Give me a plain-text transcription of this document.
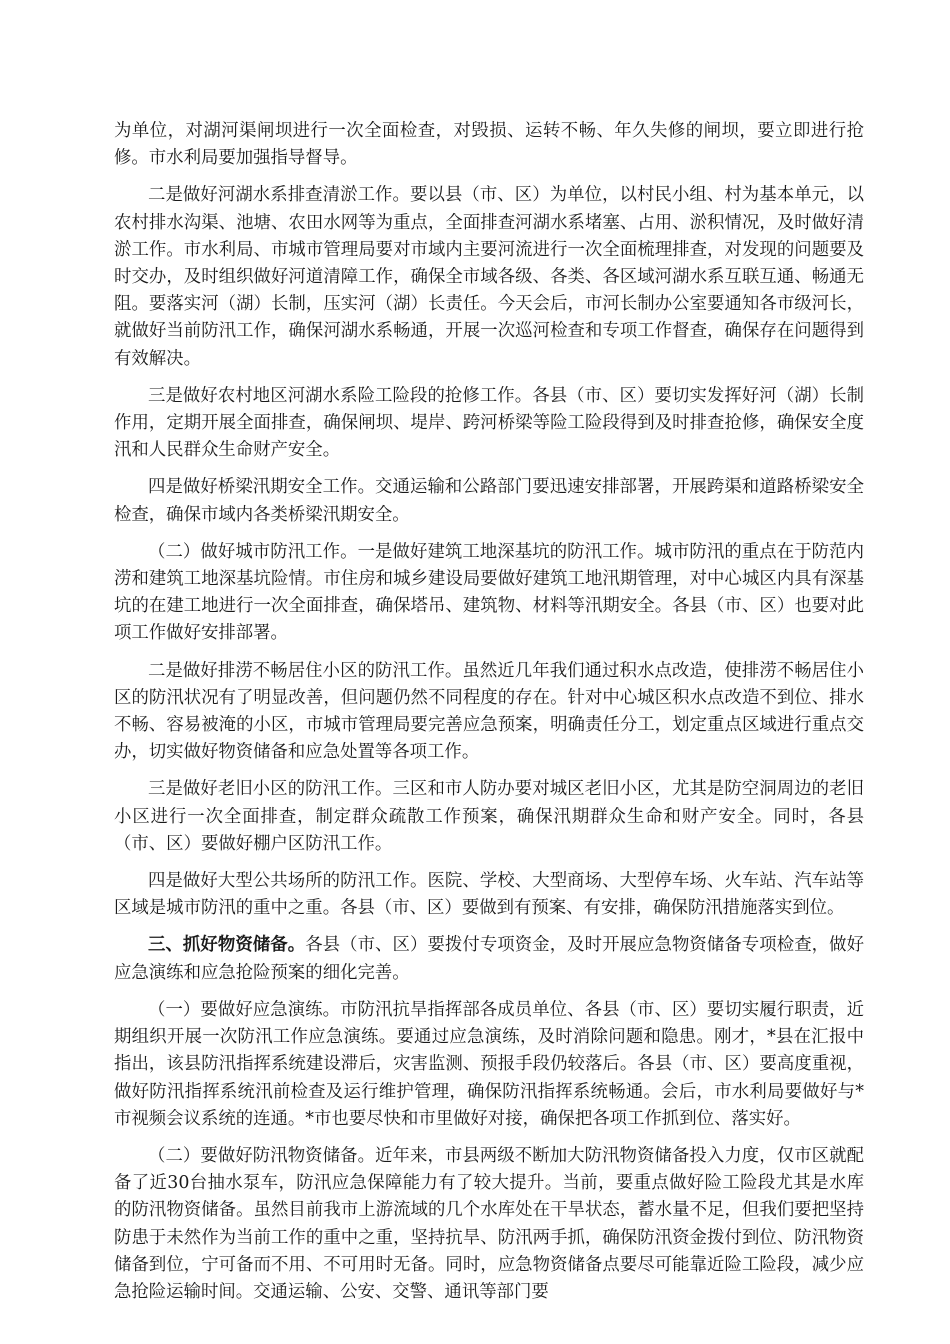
为单位，对湖河渠闸坝进行一次全面检查，对毁损、运转不畅、年久失修的闸坝，要立即进行抢修。市水利局要加强指导督导。

二是做好河湖水系排查清淤工作。要以县（市、区）为单位，以村民小组、村为基本单元，以农村排水沟渠、池塘、农田水网等为重点，全面排查河湖水系堵塞、占用、淤积情况，及时做好清淤工作。市水利局、市城市管理局要对市域内主要河流进行一次全面梳理排查，对发现的问题要及时交办，及时组织做好河道清障工作，确保全市域各级、各类、各区域河湖水系互联互通、畅通无阻。要落实河（湖）长制，压实河（湖）长责任。今天会后，市河长制办公室要通知各市级河长，就做好当前防汛工作，确保河湖水系畅通，开展一次巡河检查和专项工作督查，确保存在问题得到有效解决。

三是做好农村地区河湖水系险工险段的抢修工作。各县（市、区）要切实发挥好河（湖）长制作用，定期开展全面排查，确保闸坝、堤岸、跨河桥梁等险工险段得到及时排查抢修，确保安全度汛和人民群众生命财产安全。

四是做好桥梁汛期安全工作。交通运输和公路部门要迅速安排部署，开展跨渠和道路桥梁安全检查，确保市域内各类桥梁汛期安全。

（二）做好城市防汛工作。一是做好建筑工地深基坑的防汛工作。城市防汛的重点在于防范内涝和建筑工地深基坑险情。市住房和城乡建设局要做好建筑工地汛期管理，对中心城区内具有深基坑的在建工地进行一次全面排查，确保塔吊、建筑物、材料等汛期安全。各县（市、区）也要对此项工作做好安排部署。

二是做好排涝不畅居住小区的防汛工作。虽然近几年我们通过积水点改造，使排涝不畅居住小区的防汛状况有了明显改善，但问题仍然不同程度的存在。针对中心城区积水点改造不到位、排水不畅、容易被淹的小区，市城市管理局要完善应急预案，明确责任分工，划定重点区域进行重点交办，切实做好物资储备和应急处置等各项工作。

三是做好老旧小区的防汛工作。三区和市人防办要对城区老旧小区，尤其是防空洞周边的老旧小区进行一次全面排查，制定群众疏散工作预案，确保汛期群众生命和财产安全。同时，各县（市、区）要做好棚户区防汛工作。

四是做好大型公共场所的防汛工作。医院、学校、大型商场、大型停车场、火车站、汽车站等区域是城市防汛的重中之重。各县（市、区）要做到有预案、有安排，确保防汛措施落实到位。

三、抓好物资储备。各县（市、区）要拨付专项资金，及时开展应急物资储备专项检查，做好应急演练和应急抢险预案的细化完善。

（一）要做好应急演练。市防汛抗旱指挥部各成员单位、各县（市、区）要切实履行职责，近期组织开展一次防汛工作应急演练。要通过应急演练，及时消除问题和隐患。刚才，*县在汇报中指出，该县防汛指挥系统建设滞后，灾害监测、预报手段仍较落后。各县（市、区）要高度重视，做好防汛指挥系统汛前检查及运行维护管理，确保防汛指挥系统畅通。会后，市水利局要做好与*市视频会议系统的连通。*市也要尽快和市里做好对接，确保把各项工作抓到位、落实好。

（二）要做好防汛物资储备。近年来，市县两级不断加大防汛物资储备投入力度，仅市区就配备了近30台抽水泵车，防汛应急保障能力有了较大提升。当前，要重点做好险工险段尤其是水库的防汛物资储备。虽然目前我市上游流域的几个水库处在干旱状态，蓄水量不足，但我们要把坚持防患于未然作为当前工作的重中之重，坚持抗旱、防汛两手抓，确保防汛资金拨付到位、防汛物资储备到位，宁可备而不用、不可用时无备。同时，应急物资储备点要尽可能靠近险工险段，减少应急抢险运输时间。交通运输、公安、交警、通讯等部门要
